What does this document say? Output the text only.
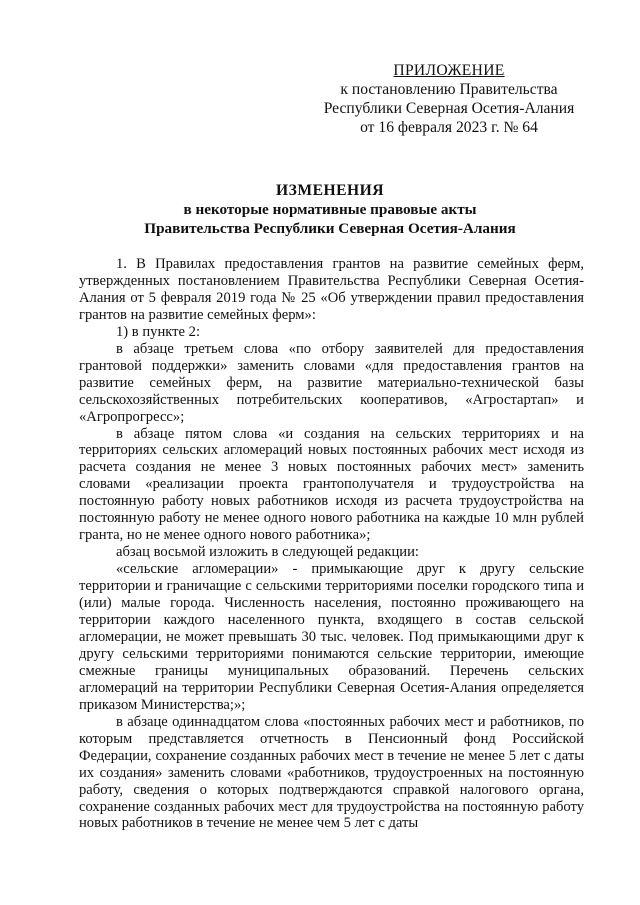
ПРИЛОЖЕНИЕ
к постановлению Правительства
Республики Северная Осетия-Алания
от 16 февраля 2023 г. № 64
ИЗМЕНЕНИЯ
в некоторые нормативные правовые акты
Правительства Республики Северная Осетия-Алания

1. В Правилах предоставления грантов на развитие семейных ферм, утвержденных постановлением Правительства Республики Северная Осетия-Алания от 5 февраля 2019 года № 25 «Об утверждении правил предоставления грантов на развитие семейных ферм»:

1) в пункте 2:

в абзаце третьем слова «по отбору заявителей для предоставления грантовой поддержки» заменить словами «для предоставления грантов на развитие семейных ферм, на развитие материально-технической базы сельскохозяйственных потребительских кооперативов, «Агростартап» и «Агропрогресс»;

в абзаце пятом слова «и создания на сельских территориях и на территориях сельских агломераций новых постоянных рабочих мест исходя из расчета создания не менее 3 новых постоянных рабочих мест» заменить словами «реализации проекта грантополучателя и трудоустройства на постоянную работу новых работников исходя из расчета трудоустройства на постоянную работу не менее одного нового работника на каждые 10 млн рублей гранта, но не менее одного нового работника»;

абзац восьмой изложить в следующей редакции:

«сельские агломерации» - примыкающие друг к другу сельские территории и граничащие с сельскими территориями поселки городского типа и (или) малые города. Численность населения, постоянно проживающего на территории каждого населенного пункта, входящего в состав сельской агломерации, не может превышать 30 тыс. человек. Под примыкающими друг к другу сельскими территориями понимаются сельские территории, имеющие смежные границы муниципальных образований. Перечень сельских агломераций на территории Республики Северная Осетия-Алания определяется приказом Министерства;»;

в абзаце одиннадцатом слова «постоянных рабочих мест и работников, по которым представляется отчетность в Пенсионный фонд Российской Федерации, сохранение созданных рабочих мест в течение не менее 5 лет с даты их создания» заменить словами «работников, трудоустроенных на постоянную работу, сведения о которых подтверждаются справкой налогового органа, сохранение созданных рабочих мест для трудоустройства на постоянную работу новых работников в течение не менее чем 5 лет с даты
